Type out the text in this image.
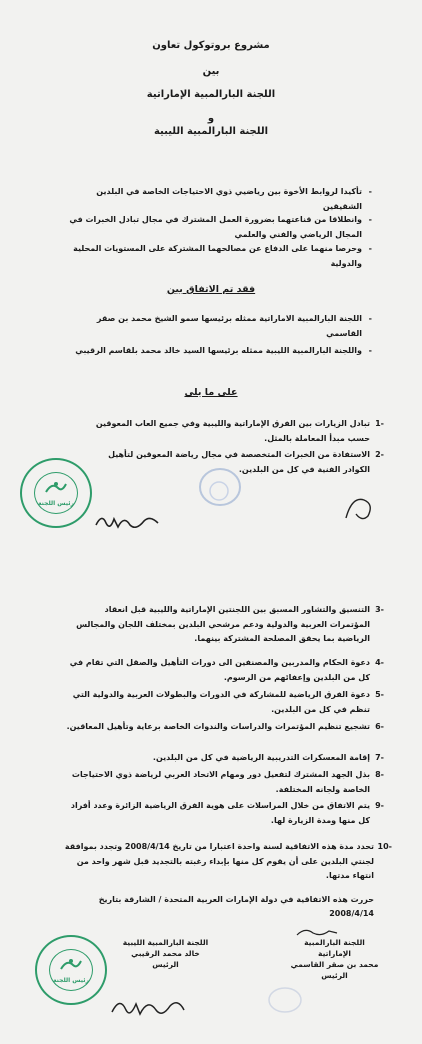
مشروع بروتوكول تعاون
بين
اللجنة البارالمبية الإماراتية
و
اللجنة البارالمبية الليبية
-
تأكيدا لروابط الأخوة بين رياضيي ذوي الاحتياجات الخاصة في البلدين الشقيقين
-
وانطلاقا من قناعتهما بضرورة العمل المشترك في مجال تبادل الخبرات في المجال الرياضي والفني والعلمي
-
وحرصا منهما على الدفاع عن مصالحهما المشتركة على المستويات المحلية والدولية
فقد تم الاتفاق بين
-
اللجنة البارالمبية الاماراتية ممثله برئيسها سمو الشيخ محمد بن صقر القاسمي
-
واللجنة البارالمبية الليبية ممثله برئيسها السيد خالد محمد بلقاسم الرقيبي
على ما يلي
-1
تبادل الزيارات بين الفرق الإماراتية والليبية وفي جميع العاب المعوقين حسب مبدأ المعاملة بالمثل.
-2
الاستفادة من الخبرات المتخصصة في مجال رياضة المعوقين لتأهيل الكوادر الفنية في كل من البلدين.
رئيس اللجنة
-3
التنسيق والتشاور المسبق بين اللجنتين الإماراتية والليبية قبل انعقاد المؤتمرات العربية والدولية ودعم مرشحي البلدين بمختلف اللجان والمجالس الرياضية بما يحقق المصلحة المشتركة بينهما.
-4
دعوة الحكام والمدربين والمصنفين الى دورات التأهيل والصقل التي تقام في كل من البلدين وإعفائهم من الرسوم.
-5
دعوة الفرق الرياضية للمشاركة في الدورات والبطولات العربية والدولية التي تنظم في كل من البلدين.
-6
تشجيع تنظيم المؤتمرات والدراسات والندوات الخاصة برعاية وتأهيل المعاقين.
-7
إقامة المعسكرات التدريبية الرياضية في كل من البلدين.
-8
بذل الجهد المشترك لتفعيل دور ومهام الاتحاد العربي لرياضة ذوي الاحتياجات الخاصة ولجانه المختلفة.
-9
يتم الاتفاق من خلال المراسلات على هوية الفرق الرياضية الزائرة وعدد أفراد كل منها ومدة الزيارة لها.
-10
تحدد مدة هذه الاتفاقية لسنة واحدة اعتبارا من تاريخ 2008/4/14 وتجدد بموافقة لجنتي البلدين على أن يقوم كل منها بإبداء رغبته بالتجديد قبل شهر واحد من انتهاء مدتها.
حررت هذه الاتفاقية في دولة الإمارات العربية المتحدة / الشارقة بتاريخ
2008/4/14
اللجنة البارالمبية الإماراتية
محمد بن صقر القاسمي
الرئيس
اللجنة البارالمبية الليبية
خالد محمد الرقيبي
الرئيس
رئيس اللجنة
